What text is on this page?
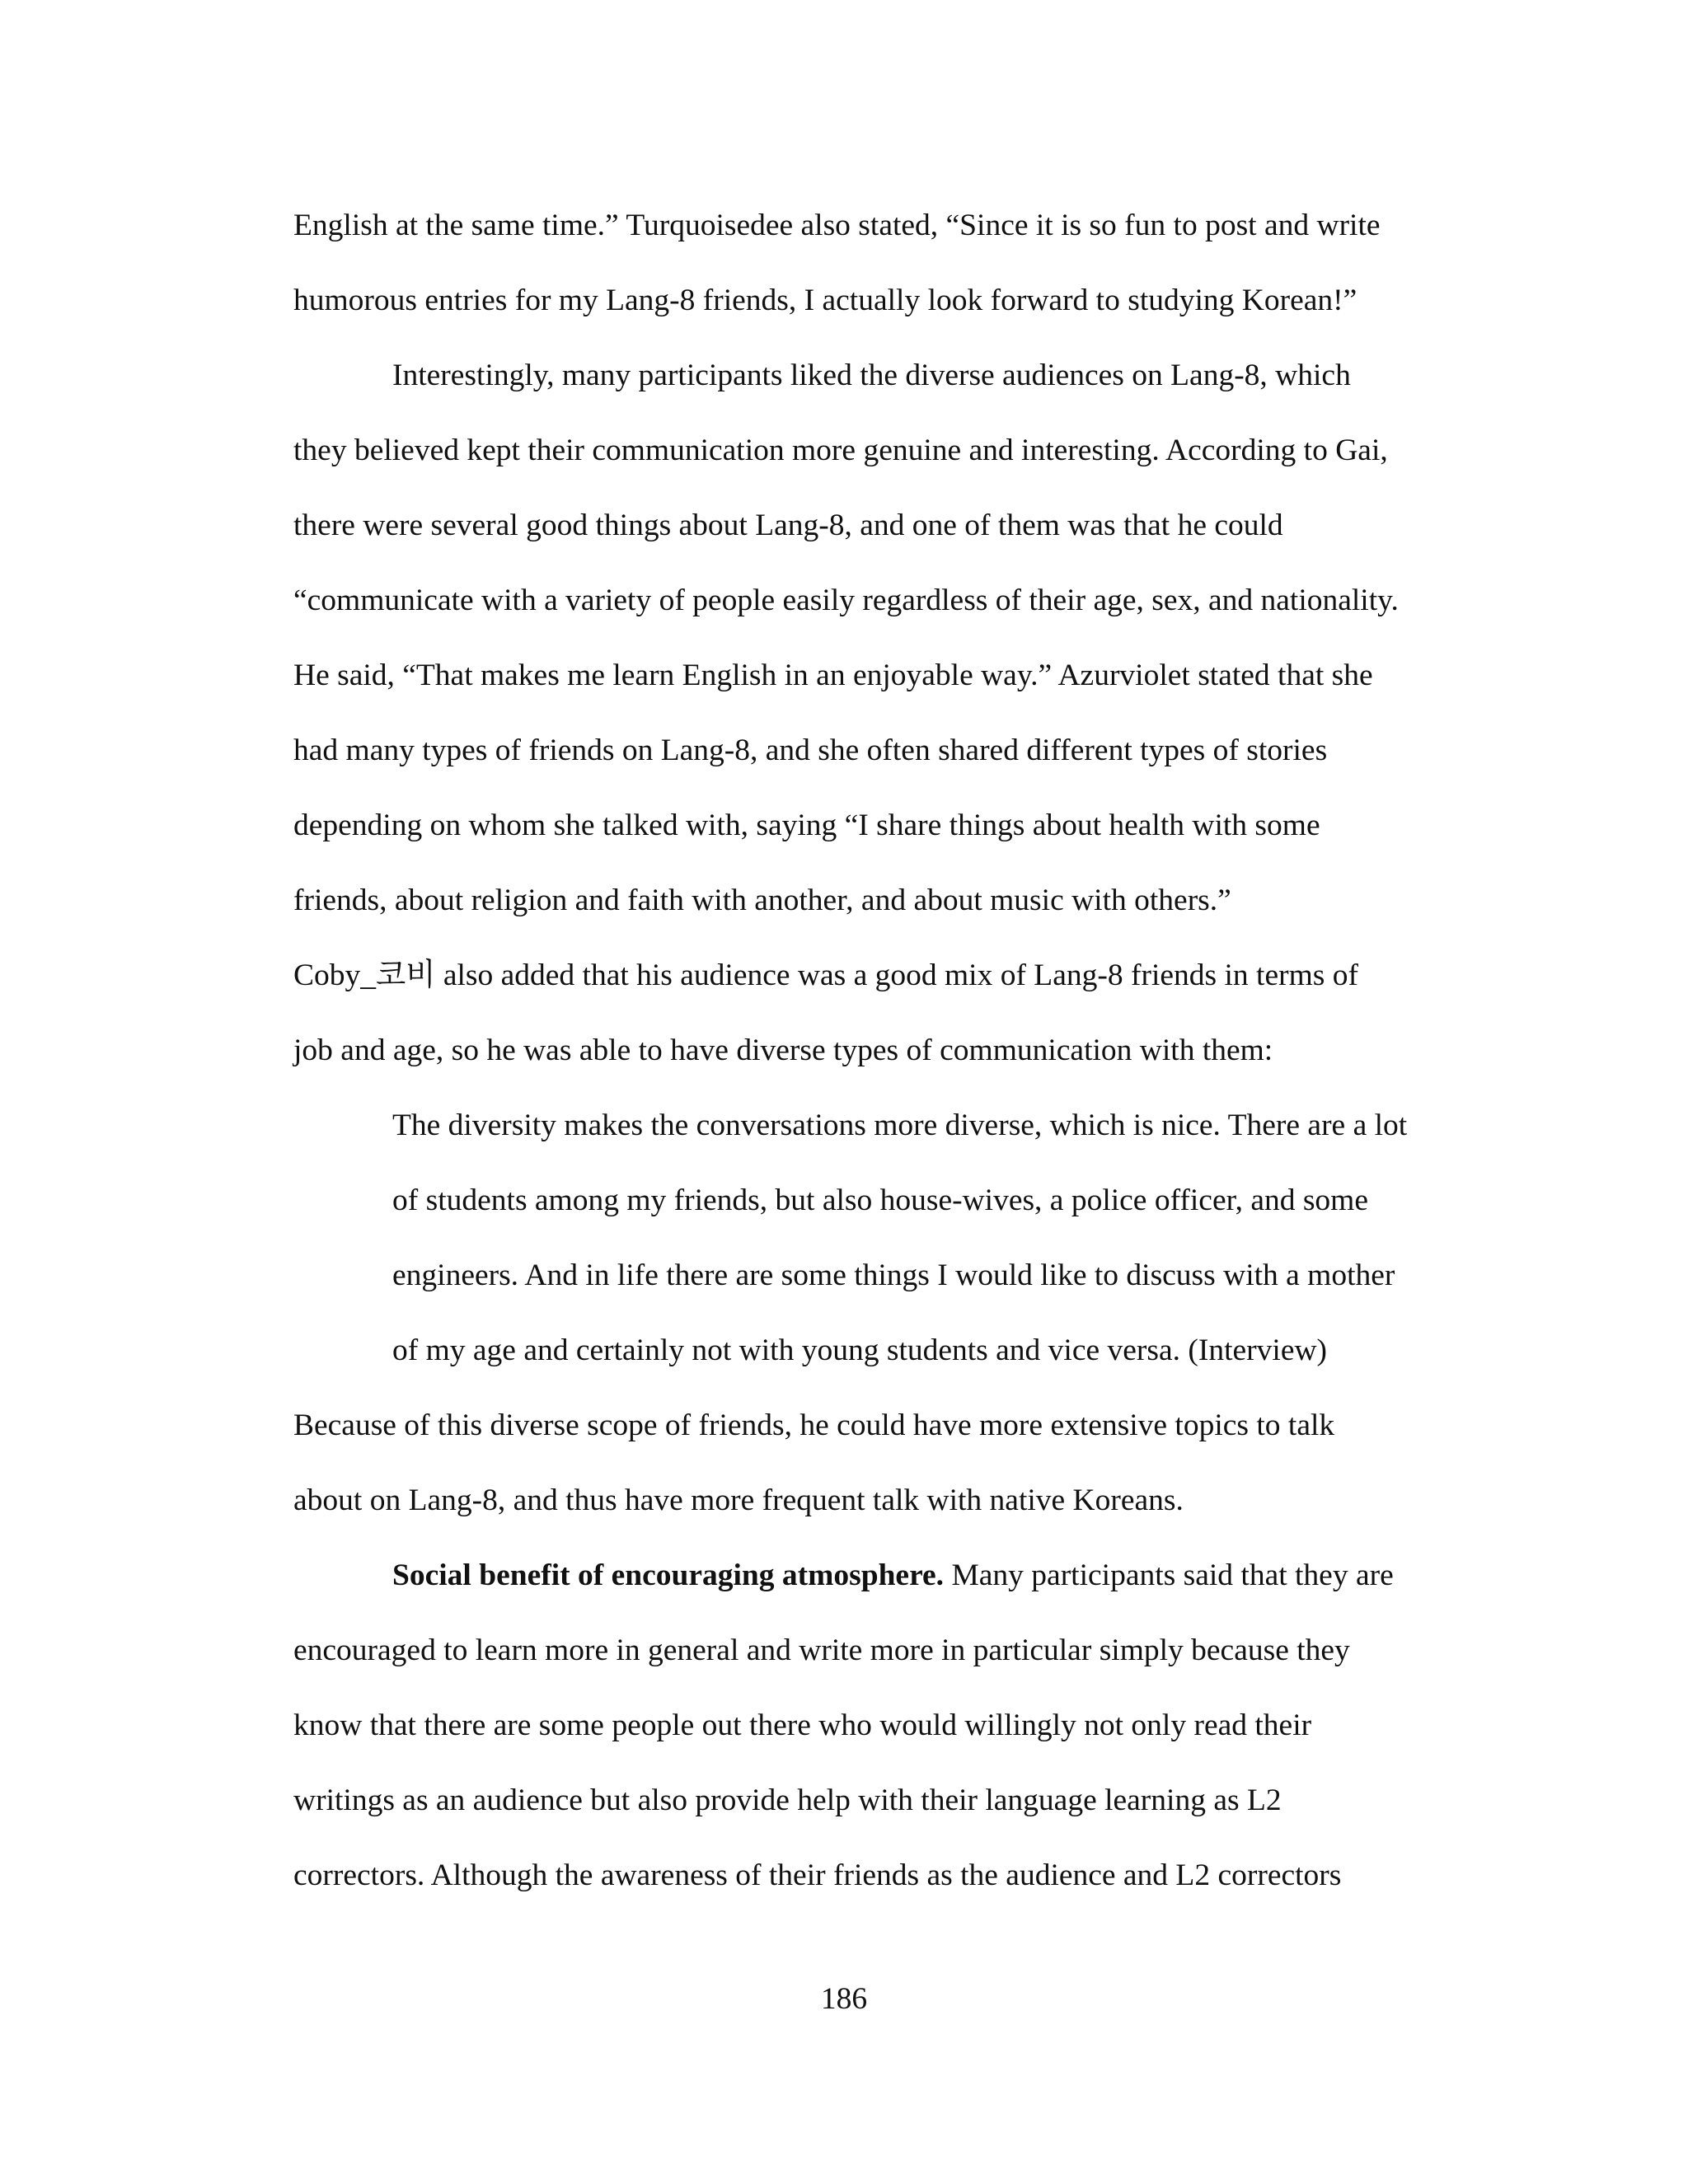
English at the same time.” Turquoisedee also stated, “Since it is so fun to post and write
humorous entries for my Lang-8 friends, I actually look forward to studying Korean!”
Interestingly, many participants liked the diverse audiences on Lang-8, which
they believed kept their communication more genuine and interesting. According to Gai,
there were several good things about Lang-8, and one of them was that he could
“communicate with a variety of people easily regardless of their age, sex, and nationality.
He said, “That makes me learn English in an enjoyable way.” Azurviolet stated that she
had many types of friends on Lang-8, and she often shared different types of stories
depending on whom she talked with, saying “I share things about health with some
friends, about religion and faith with another, and about music with others.”
Coby_코비 also added that his audience was a good mix of Lang-8 friends in terms of
job and age, so he was able to have diverse types of communication with them:
The diversity makes the conversations more diverse, which is nice. There are a lot
of students among my friends, but also house-wives, a police officer, and some
engineers. And in life there are some things I would like to discuss with a mother
of my age and certainly not with young students and vice versa. (Interview)
Because of this diverse scope of friends, he could have more extensive topics to talk
about on Lang-8, and thus have more frequent talk with native Koreans.
Social benefit of encouraging atmosphere. Many participants said that they are
encouraged to learn more in general and write more in particular simply because they
know that there are some people out there who would willingly not only read their
writings as an audience but also provide help with their language learning as L2
correctors. Although the awareness of their friends as the audience and L2 correctors
186
